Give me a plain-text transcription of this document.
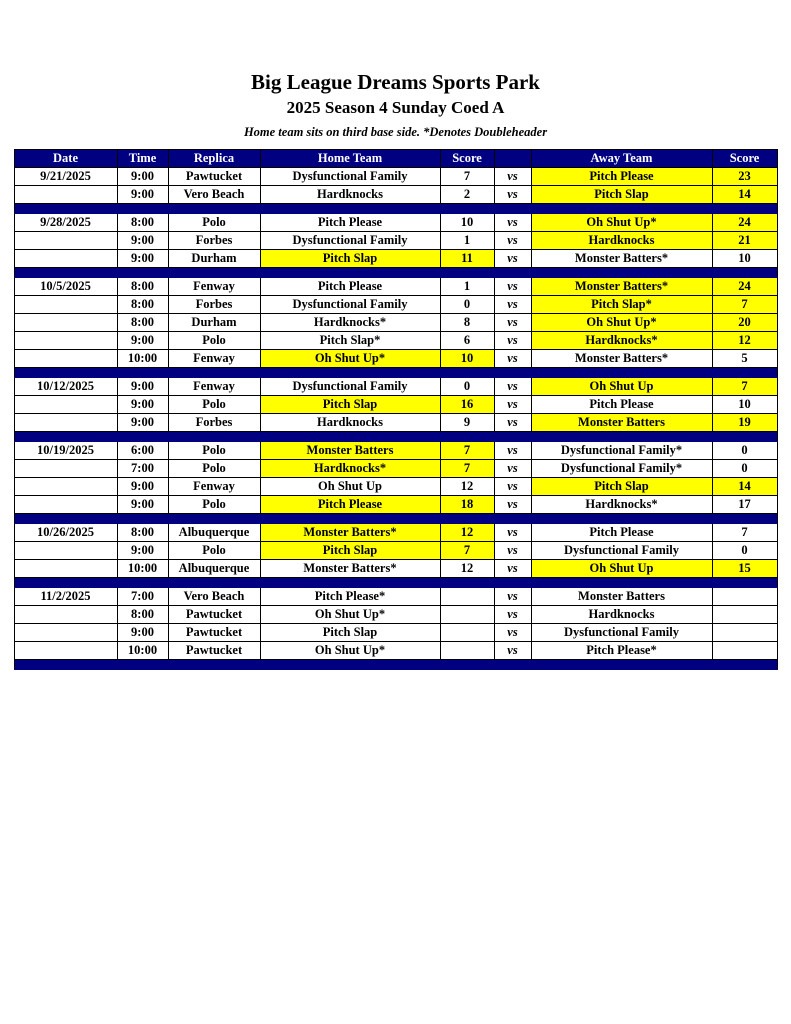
Big League Dreams Sports Park
2025 Season 4 Sunday Coed A
Home team sits on third base side. *Denotes Doubleheader
Date	Time	Replica	Home Team	Score		Away Team	Score
9/21/2025	9:00	Pawtucket	Dysfunctional Family	7	vs	Pitch Please	23
	9:00	Vero Beach	Hardknocks	2	vs	Pitch Slap	14

9/28/2025	8:00	Polo	Pitch Please	10	vs	Oh Shut Up*	24
	9:00	Forbes	Dysfunctional Family	1	vs	Hardknocks	21
	9:00	Durham	Pitch Slap	11	vs	Monster Batters*	10

10/5/2025	8:00	Fenway	Pitch Please	1	vs	Monster Batters*	24
	8:00	Forbes	Dysfunctional Family	0	vs	Pitch Slap*	7
	8:00	Durham	Hardknocks*	8	vs	Oh Shut Up*	20
	9:00	Polo	Pitch Slap*	6	vs	Hardknocks*	12
	10:00	Fenway	Oh Shut Up*	10	vs	Monster Batters*	5

10/12/2025	9:00	Fenway	Dysfunctional Family	0	vs	Oh Shut Up	7
	9:00	Polo	Pitch Slap	16	vs	Pitch Please	10
	9:00	Forbes	Hardknocks	9	vs	Monster Batters	19

10/19/2025	6:00	Polo	Monster Batters	7	vs	Dysfunctional Family*	0
	7:00	Polo	Hardknocks*	7	vs	Dysfunctional Family*	0
	9:00	Fenway	Oh Shut Up	12	vs	Pitch Slap	14
	9:00	Polo	Pitch Please	18	vs	Hardknocks*	17

10/26/2025	8:00	Albuquerque	Monster Batters*	12	vs	Pitch Please	7
	9:00	Polo	Pitch Slap	7	vs	Dysfunctional Family	0
	10:00	Albuquerque	Monster Batters*	12	vs	Oh Shut Up	15

11/2/2025	7:00	Vero Beach	Pitch Please*		vs	Monster Batters	
	8:00	Pawtucket	Oh Shut Up*		vs	Hardknocks	
	9:00	Pawtucket	Pitch Slap		vs	Dysfunctional Family	
	10:00	Pawtucket	Oh Shut Up*		vs	Pitch Please*	
